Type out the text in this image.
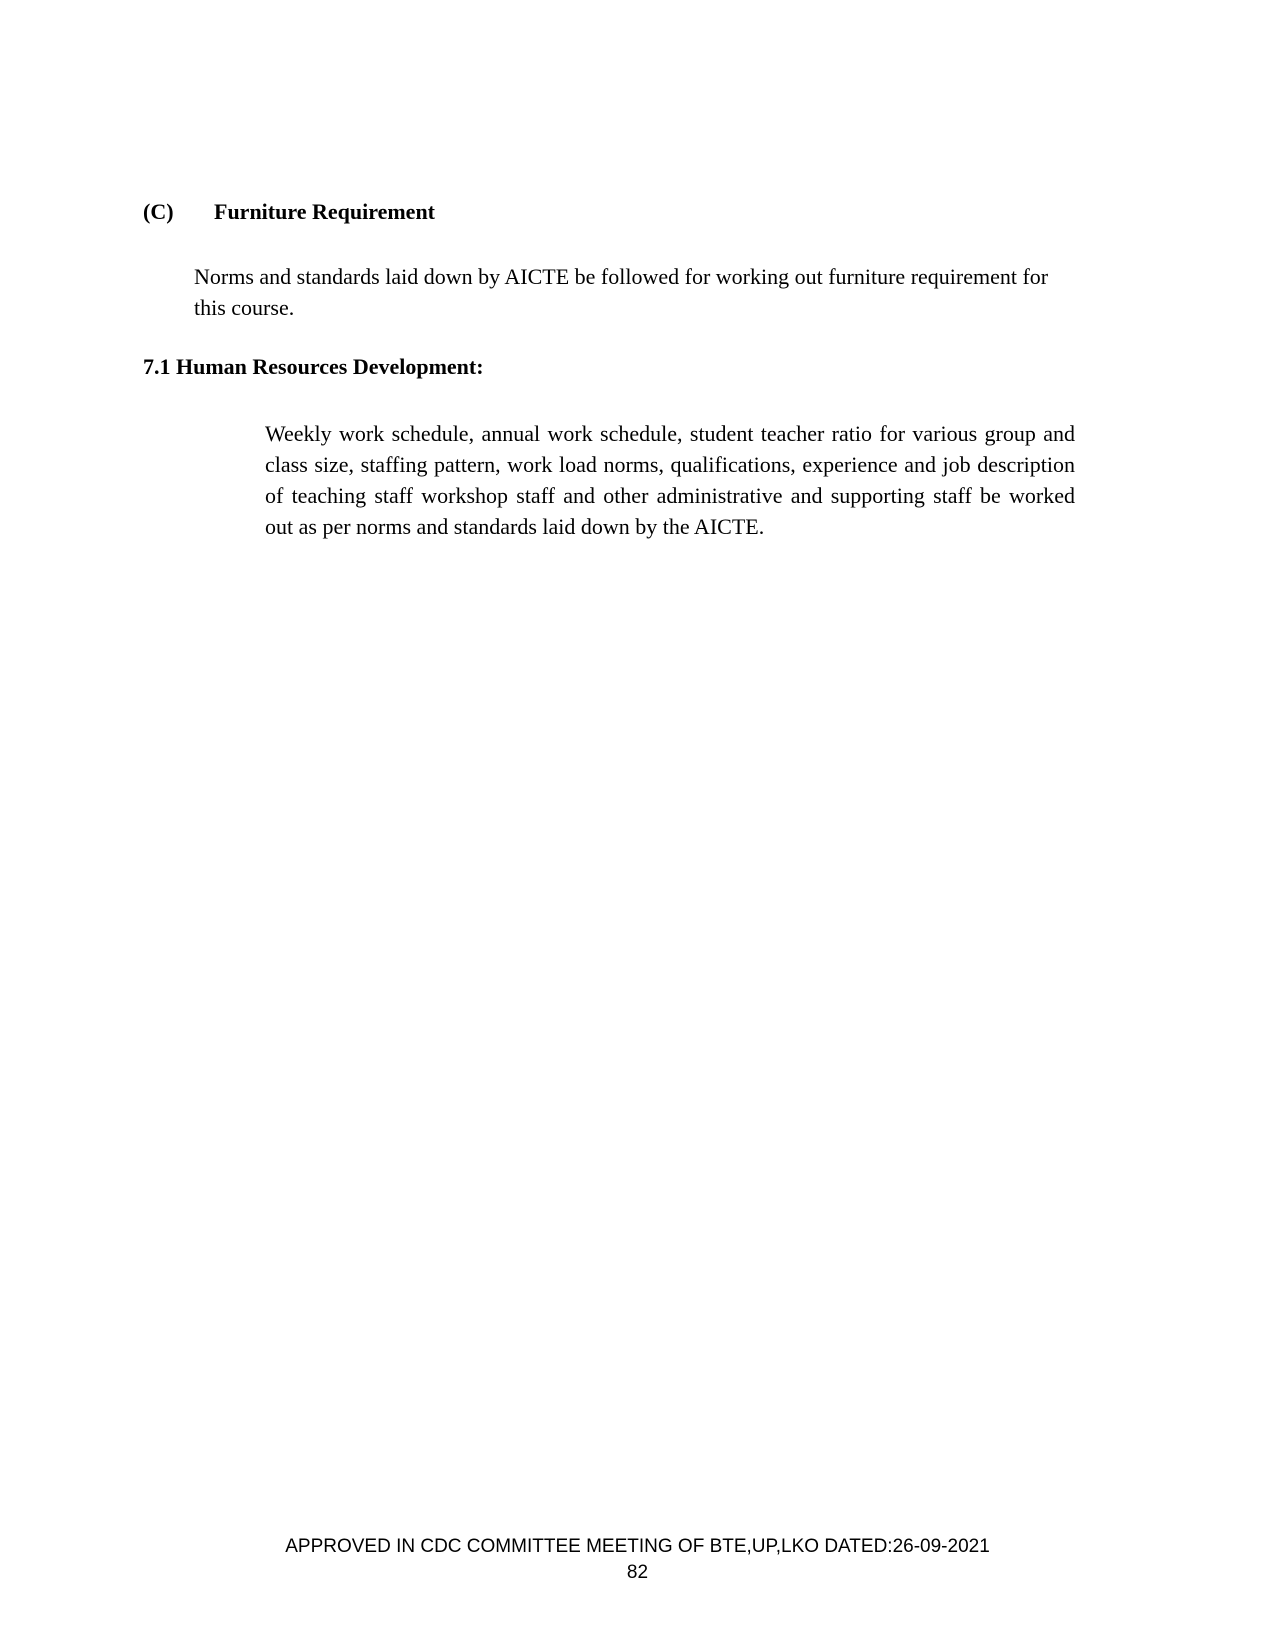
(C) Furniture Requirement

Norms and standards laid down by AICTE be followed for working out furniture requirement for this course.

7.1 Human Resources Development:

Weekly work schedule, annual work schedule, student teacher ratio for various group and class size, staffing pattern, work load norms, qualifications, experience and job description of teaching staff workshop staff and other administrative and supporting staff be worked out as per norms and standards laid down by the AICTE.

APPROVED IN CDC COMMITTEE MEETING OF BTE,UP,LKO DATED:26-09-2021
82
